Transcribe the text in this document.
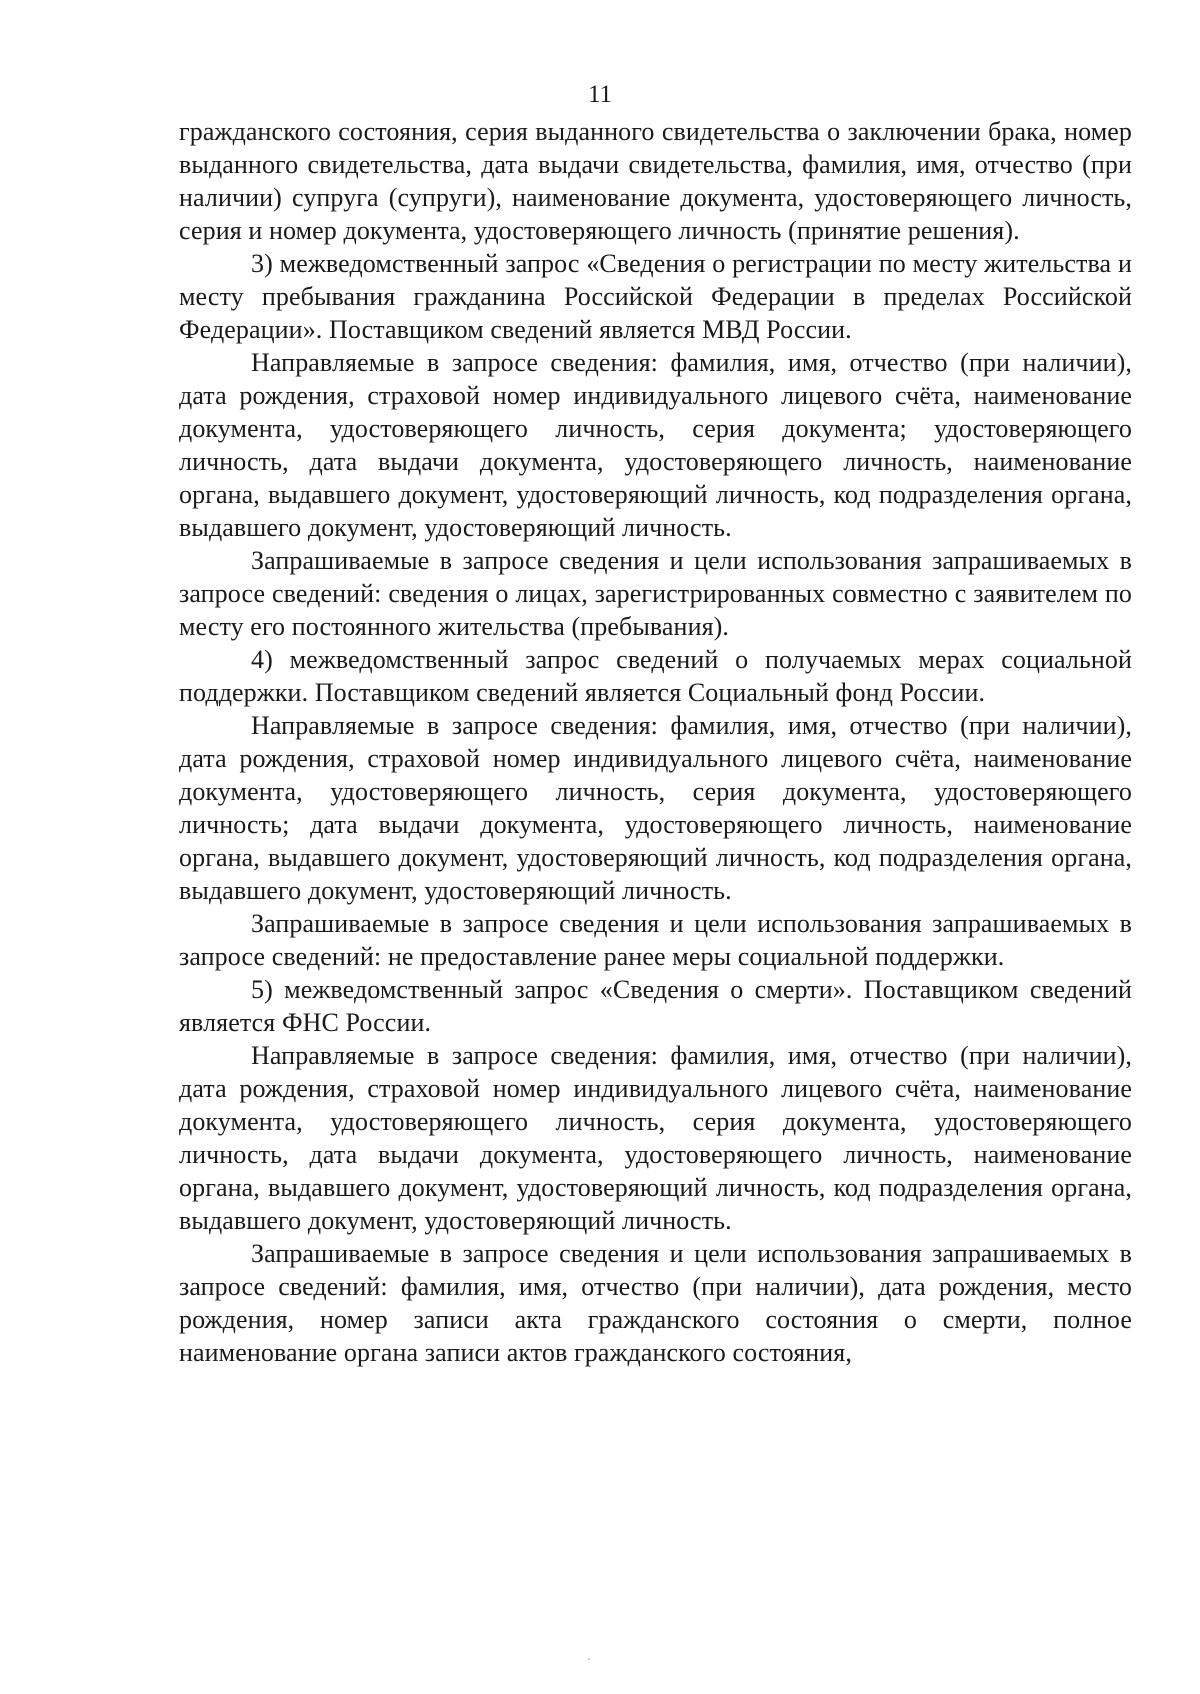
11

гражданского состояния, серия выданного свидетельства о заключении брака, номер выданного свидетельства, дата выдачи свидетельства, фамилия, имя, отчество (при наличии) супруга (супруги), наименование документа, удостоверяющего личность, серия и номер документа, удостоверяющего личность (принятие решения).

3) межведомственный запрос «Сведения о регистрации по месту жительства и месту пребывания гражданина Российской Федерации в пределах Российской Федерации». Поставщиком сведений является МВД России.

Направляемые в запросе сведения: фамилия, имя, отчество (при наличии), дата рождения, страховой номер индивидуального лицевого счёта, наименование документа, удостоверяющего личность, серия документа; удостоверяющего личность, дата выдачи документа, удостоверяющего личность, наименование органа, выдавшего документ, удостоверяющий личность, код подразделения органа, выдавшего документ, удостоверяющий личность.

Запрашиваемые в запросе сведения и цели использования запрашиваемых в запросе сведений: сведения о лицах, зарегистрированных совместно с заявителем по месту его постоянного жительства (пребывания).

4) межведомственный запрос сведений о получаемых мерах социальной поддержки. Поставщиком сведений является Социальный фонд России.

Направляемые в запросе сведения: фамилия, имя, отчество (при наличии), дата рождения, страховой номер индивидуального лицевого счёта, наименование документа, удостоверяющего личность, серия документа, удостоверяющего личность; дата выдачи документа, удостоверяющего личность, наименование органа, выдавшего документ, удостоверяющий личность, код подразделения органа, выдавшего документ, удостоверяющий личность.

Запрашиваемые в запросе сведения и цели использования запрашиваемых в запросе сведений: не предоставление ранее меры социальной поддержки.

5) межведомственный запрос «Сведения о смерти». Поставщиком сведений является ФНС России.

Направляемые в запросе сведения: фамилия, имя, отчество (при наличии), дата рождения, страховой номер индивидуального лицевого счёта, наименование документа, удостоверяющего личность, серия документа, удостоверяющего личность, дата выдачи документа, удостоверяющего личность, наименование органа, выдавшего документ, удостоверяющий личность, код подразделения органа, выдавшего документ, удостоверяющий личность.

Запрашиваемые в запросе сведения и цели использования запрашиваемых в запросе сведений: фамилия, имя, отчество (при наличии), дата рождения, место рождения, номер записи акта гражданского состояния о смерти, полное наименование органа записи актов гражданского состояния,
